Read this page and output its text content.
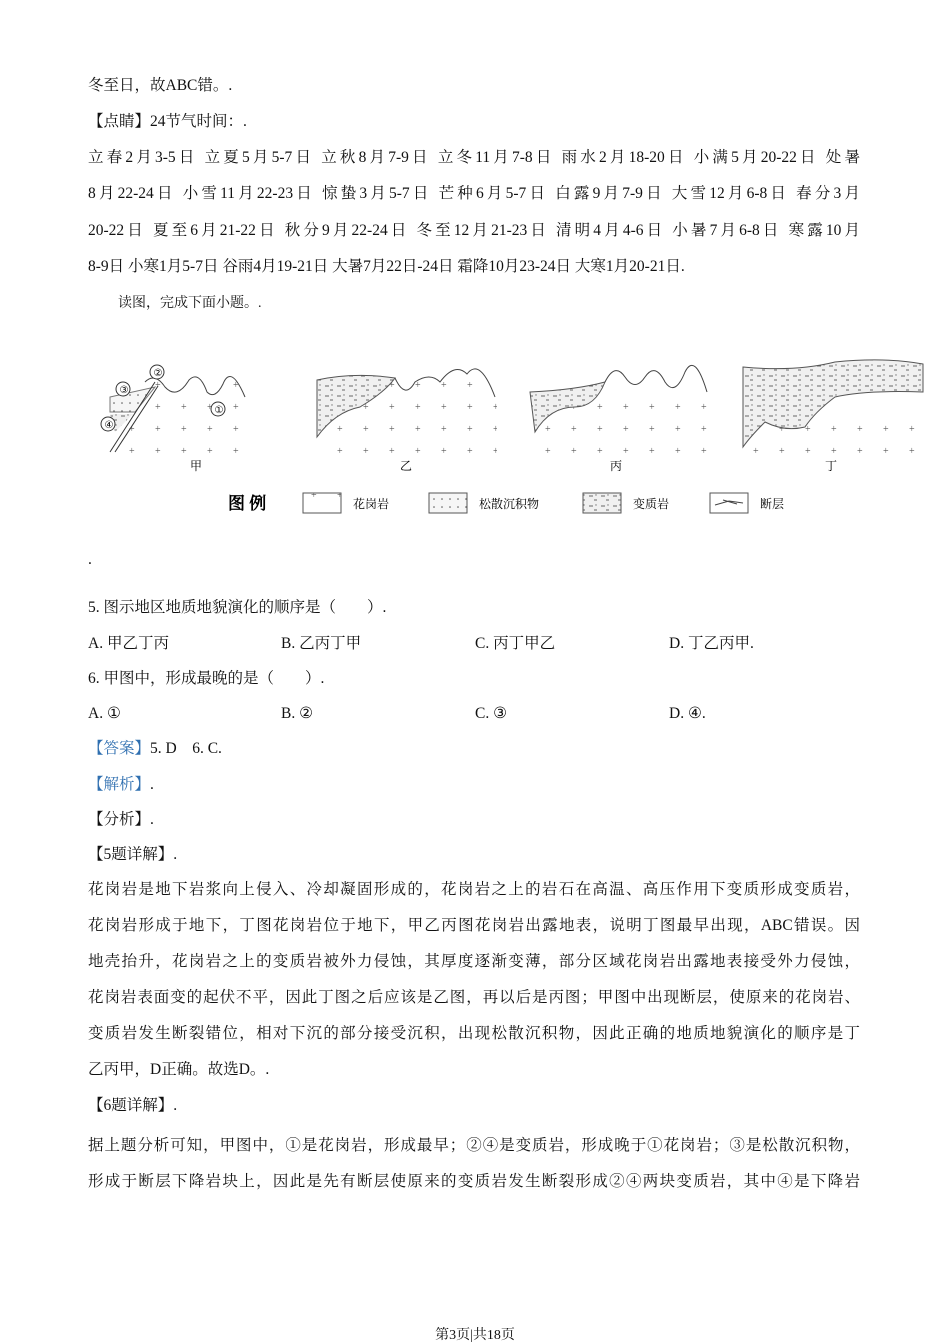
冬至日，故ABC错。.
【点睛】24节气时间：.
立春2月3-5日 立夏5月5-7日 立秋8月7-9日 立冬11月7-8日 雨水2月18-20日 小满5月20-22日 处暑
8月22-24日 小雪11月22-23日 惊蛰3月5-7日 芒种6月5-7日 白露9月7-9日 大雪12月6-8日 春分3月
20-22日 夏至6月21-22日 秋分9月22-24日 冬至12月21-23日 清明4月4-6日 小暑7月6-8日 寒露10月
8-9日 小寒1月5-7日 谷雨4月19-21日 大暑7月22日-24日 霜降10月23-24日 大寒1月20-21日.
读图，完成下面小题。.
③
②
①
④
甲	乙	丙	丁
图 例	花岗岩	松散沉积物	变质岩	断层
.
5. 图示地区地质地貌演化的顺序是（　　）.
A. 甲乙丁丙	B. 乙丙丁甲	C. 丙丁甲乙	D. 丁乙丙甲.
6. 甲图中，形成最晚的是（　　）.
A. ①	B. ②	C. ③	D. ④.
【答案】5. D　6. C.
【解析】.
【分析】.
【5题详解】.
花岗岩是地下岩浆向上侵入、冷却凝固形成的，花岗岩之上的岩石在高温、高压作用下变质形成变质岩，
花岗岩形成于地下，丁图花岗岩位于地下，甲乙丙图花岗岩出露地表，说明丁图最早出现，ABC错误。因
地壳抬升，花岗岩之上的变质岩被外力侵蚀，其厚度逐渐变薄，部分区域花岗岩出露地表接受外力侵蚀，
花岗岩表面变的起伏不平，因此丁图之后应该是乙图，再以后是丙图；甲图中出现断层，使原来的花岗岩、
变质岩发生断裂错位，相对下沉的部分接受沉积，出现松散沉积物，因此正确的地质地貌演化的顺序是丁
乙丙甲，D正确。故选D。.
【6题详解】.
据上题分析可知，甲图中，①是花岗岩，形成最早；②④是变质岩，形成晚于①花岗岩；③是松散沉积物，
形成于断层下降岩块上，因此是先有断层使原来的变质岩发生断裂形成②④两块变质岩，其中④是下降岩
第3页|共18页
